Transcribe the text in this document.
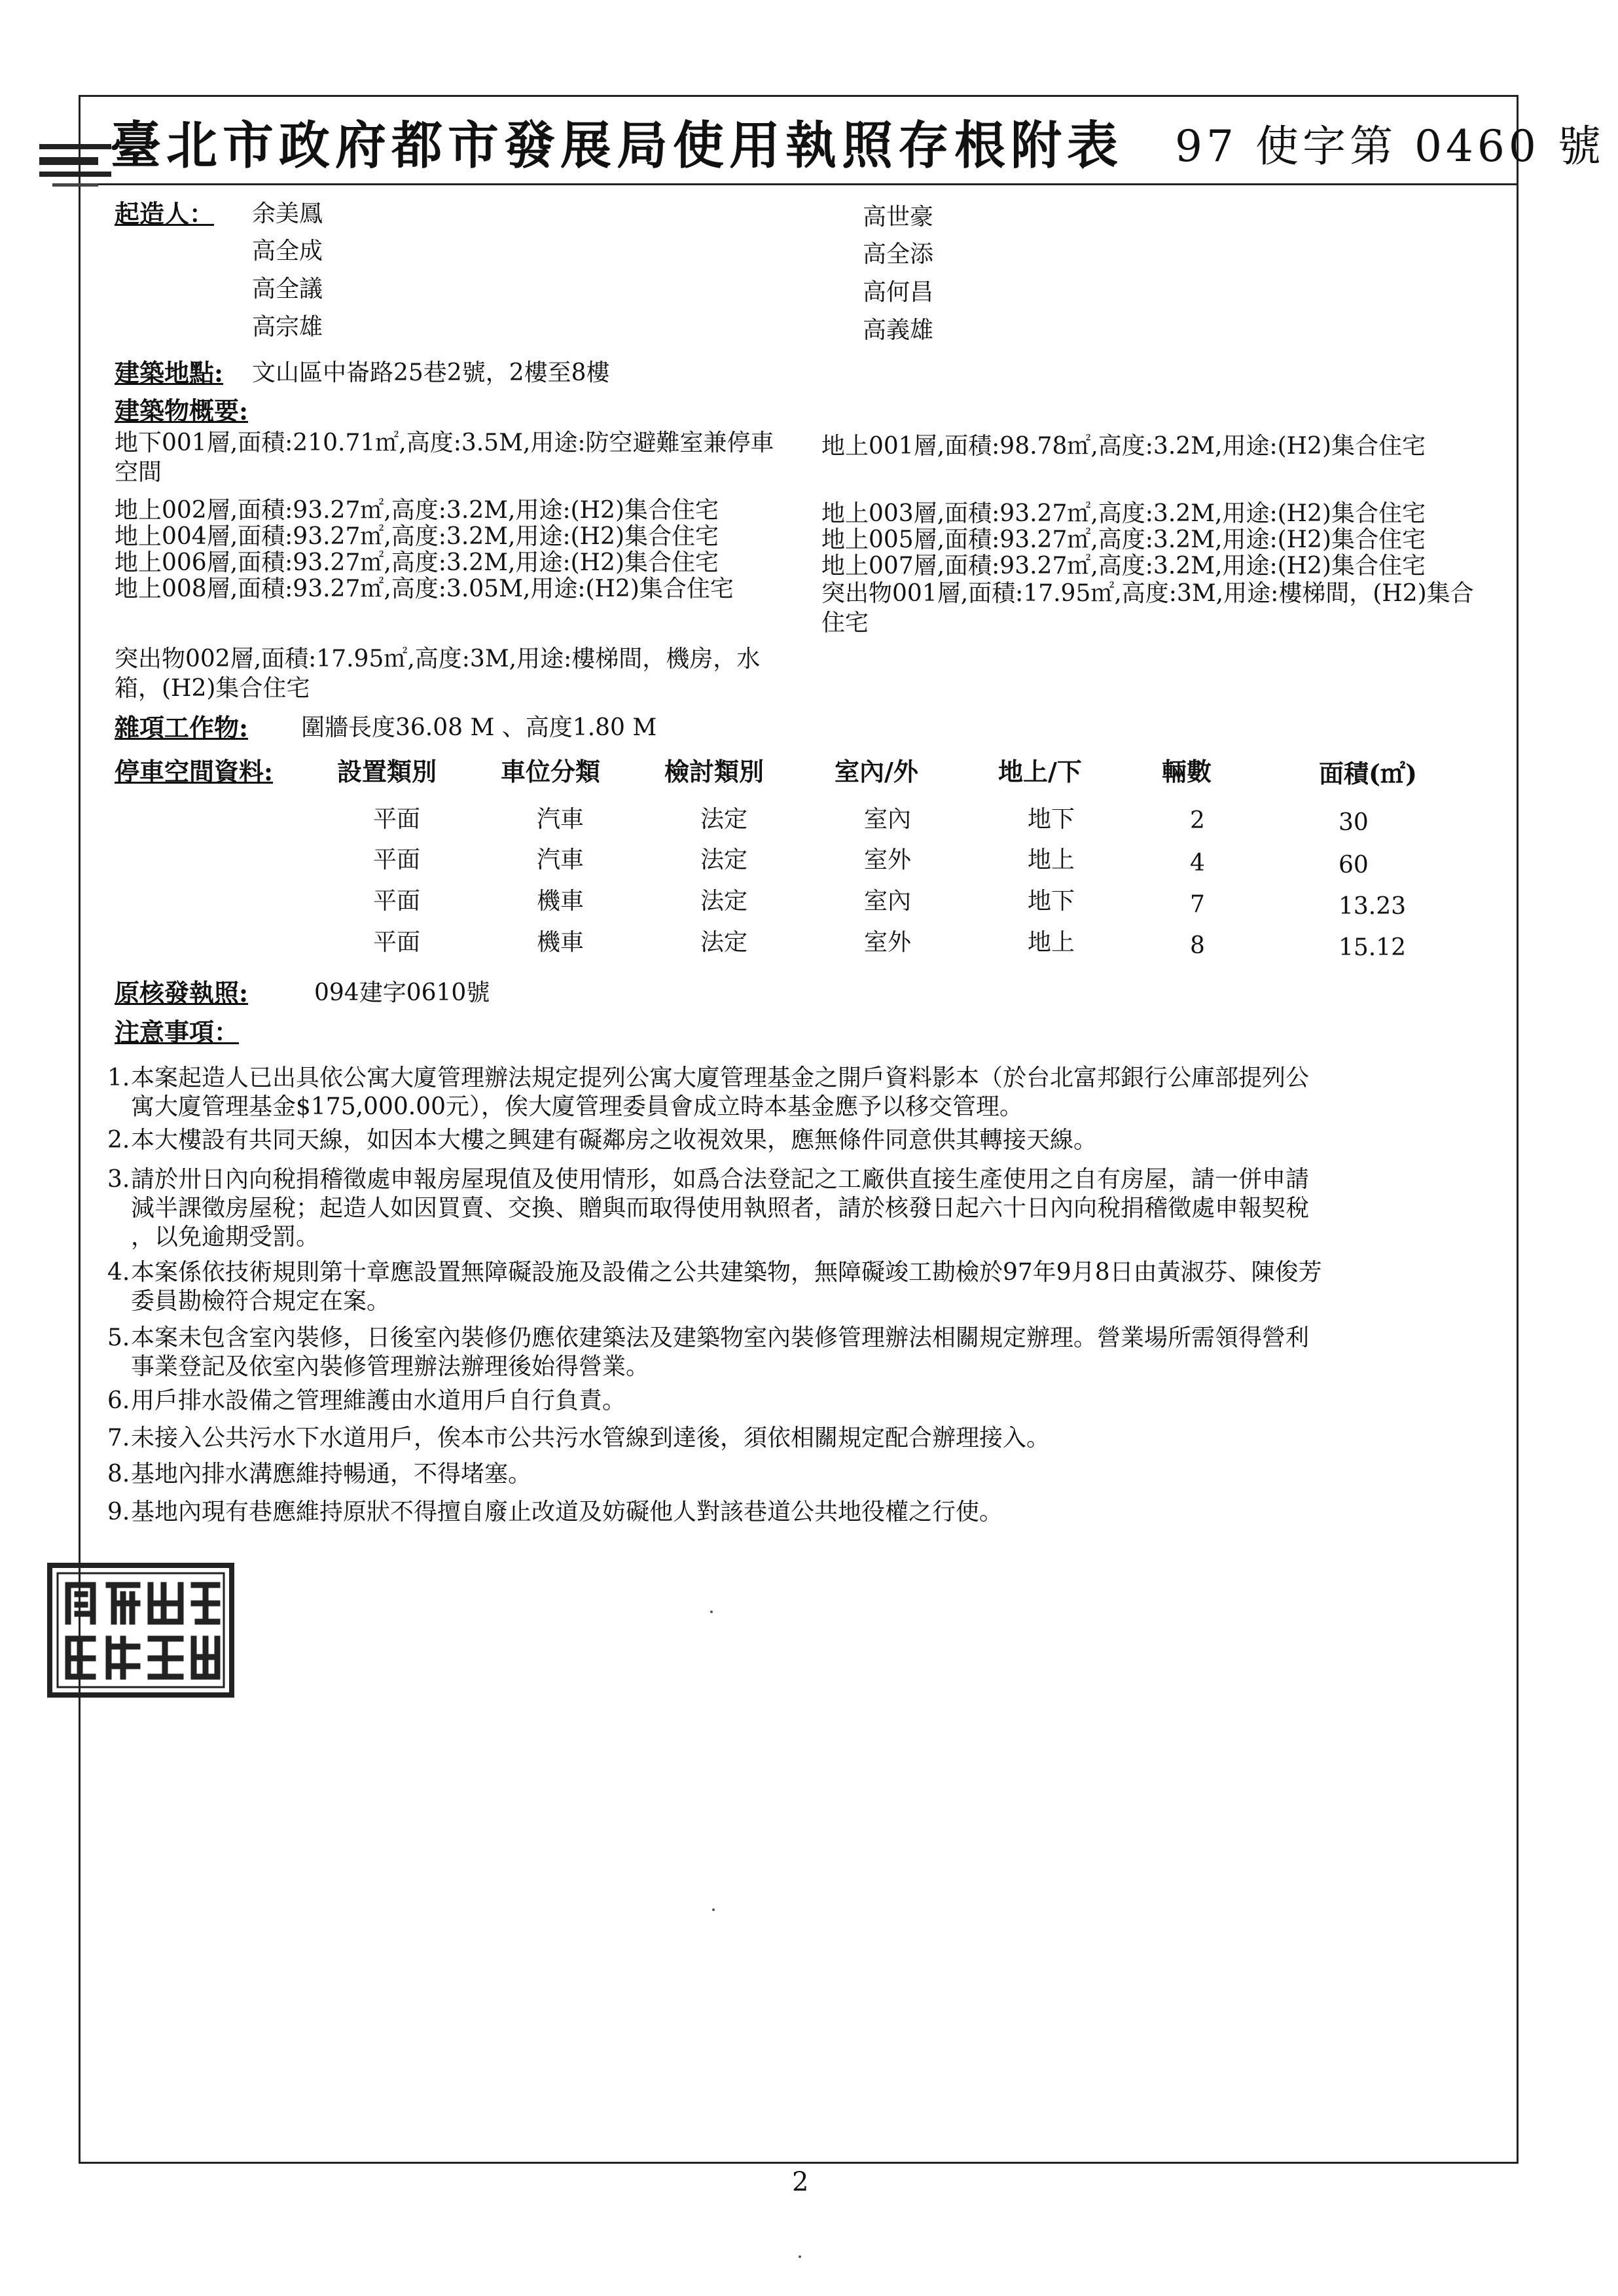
臺北市政府都市發展局使用執照存根附表 97 使字第 0460 號
起造人： 余美鳳
高全成
高全議
高宗雄
高世豪
高全添
高何昌
高義雄
建築地點: 文山區中崙路25巷2號，2樓至8樓
建築物概要:
地下001層,面積:210.71㎡,高度:3.5M,用途:防空避難室兼停車
空間
地上001層,面積:98.78㎡,高度:3.2M,用途:(H2)集合住宅
地上002層,面積:93.27㎡,高度:3.2M,用途:(H2)集合住宅	地上003層,面積:93.27㎡,高度:3.2M,用途:(H2)集合住宅
地上004層,面積:93.27㎡,高度:3.2M,用途:(H2)集合住宅	地上005層,面積:93.27㎡,高度:3.2M,用途:(H2)集合住宅
地上006層,面積:93.27㎡,高度:3.2M,用途:(H2)集合住宅	地上007層,面積:93.27㎡,高度:3.2M,用途:(H2)集合住宅
地上008層,面積:93.27㎡,高度:3.05M,用途:(H2)集合住宅	突出物001層,面積:17.95㎡,高度:3M,用途:樓梯間，(H2)集合
住宅
突出物002層,面積:17.95㎡,高度:3M,用途:樓梯間，機房，水
箱，(H2)集合住宅
雜項工作物: 圍牆長度36.08 M 、高度1.80 M
停車空間資料:	設置類別	車位分類	檢討類別	室內/外	地上/下	輛數	面積(㎡)
平面	汽車	法定	室內	地下	2	30
平面	汽車	法定	室外	地上	4	60
平面	機車	法定	室內	地下	7	13.23
平面	機車	法定	室外	地上	8	15.12
原核發執照:	094建字0610號
注意事項：
1. 本案起造人已出具依公寓大廈管理辦法規定提列公寓大廈管理基金之開戶資料影本（於台北富邦銀行公庫部提列公
寓大廈管理基金$175,000.00元），俟大廈管理委員會成立時本基金應予以移交管理。
2. 本大樓設有共同天線，如因本大樓之興建有礙鄰房之收視效果，應無條件同意供其轉接天線。
3. 請於卅日內向稅捐稽徵處申報房屋現值及使用情形，如爲合法登記之工廠供直接生產使用之自有房屋，請一併申請
減半課徵房屋稅；起造人如因買賣、交換、贈與而取得使用執照者，請於核發日起六十日內向稅捐稽徵處申報契稅
，以免逾期受罰。
4. 本案係依技術規則第十章應設置無障礙設施及設備之公共建築物，無障礙竣工勘檢於97年9月8日由黃淑芬、陳俊芳
委員勘檢符合規定在案。
5. 本案未包含室內裝修，日後室內裝修仍應依建築法及建築物室內裝修管理辦法相關規定辦理。營業場所需領得營利
事業登記及依室內裝修管理辦法辦理後始得營業。
6. 用戶排水設備之管理維護由水道用戶自行負責。
7. 未接入公共污水下水道用戶，俟本市公共污水管線到達後，須依相關規定配合辦理接入。
8. 基地內排水溝應維持暢通，不得堵塞。
9. 基地內現有巷應維持原狀不得擅自廢止改道及妨礙他人對該巷道公共地役權之行使。
2
